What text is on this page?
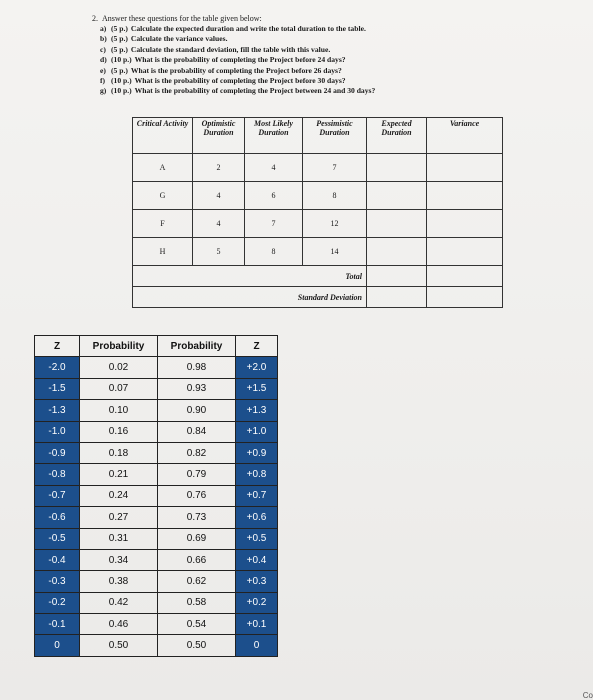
2. Answer these questions for the table given below:
a) (5 p.) Calculate the expected duration and write the total duration to the table.
b) (5 p.) Calculate the variance values.
c) (5 p.) Calculate the standard deviation, fill the table with this value.
d) (10 p.) What is the probability of completing the Project before 24 days?
e) (5 p.) What is the probability of completing the Project before 26 days?
f) (10 p.) What is the probability of completing the Project before 30 days?
g) (10 p.) What is the probability of completing the Project between 24 and 30 days?
Critical Activity	Optimistic Duration	Most Likely Duration	Pessimistic Duration	Expected Duration	Variance
A	2	4	7		
G	4	6	8		
F	4	7	12		
H	5	8	14		
Total					
Standard Deviation					
Z	Probability	Probability	Z
-2.0	0.02	0.98	+2.0
-1.5	0.07	0.93	+1.5
-1.3	0.10	0.90	+1.3
-1.0	0.16	0.84	+1.0
-0.9	0.18	0.82	+0.9
-0.8	0.21	0.79	+0.8
-0.7	0.24	0.76	+0.7
-0.6	0.27	0.73	+0.6
-0.5	0.31	0.69	+0.5
-0.4	0.34	0.66	+0.4
-0.3	0.38	0.62	+0.3
-0.2	0.42	0.58	+0.2
-0.1	0.46	0.54	+0.1
0	0.50	0.50	0
Co
